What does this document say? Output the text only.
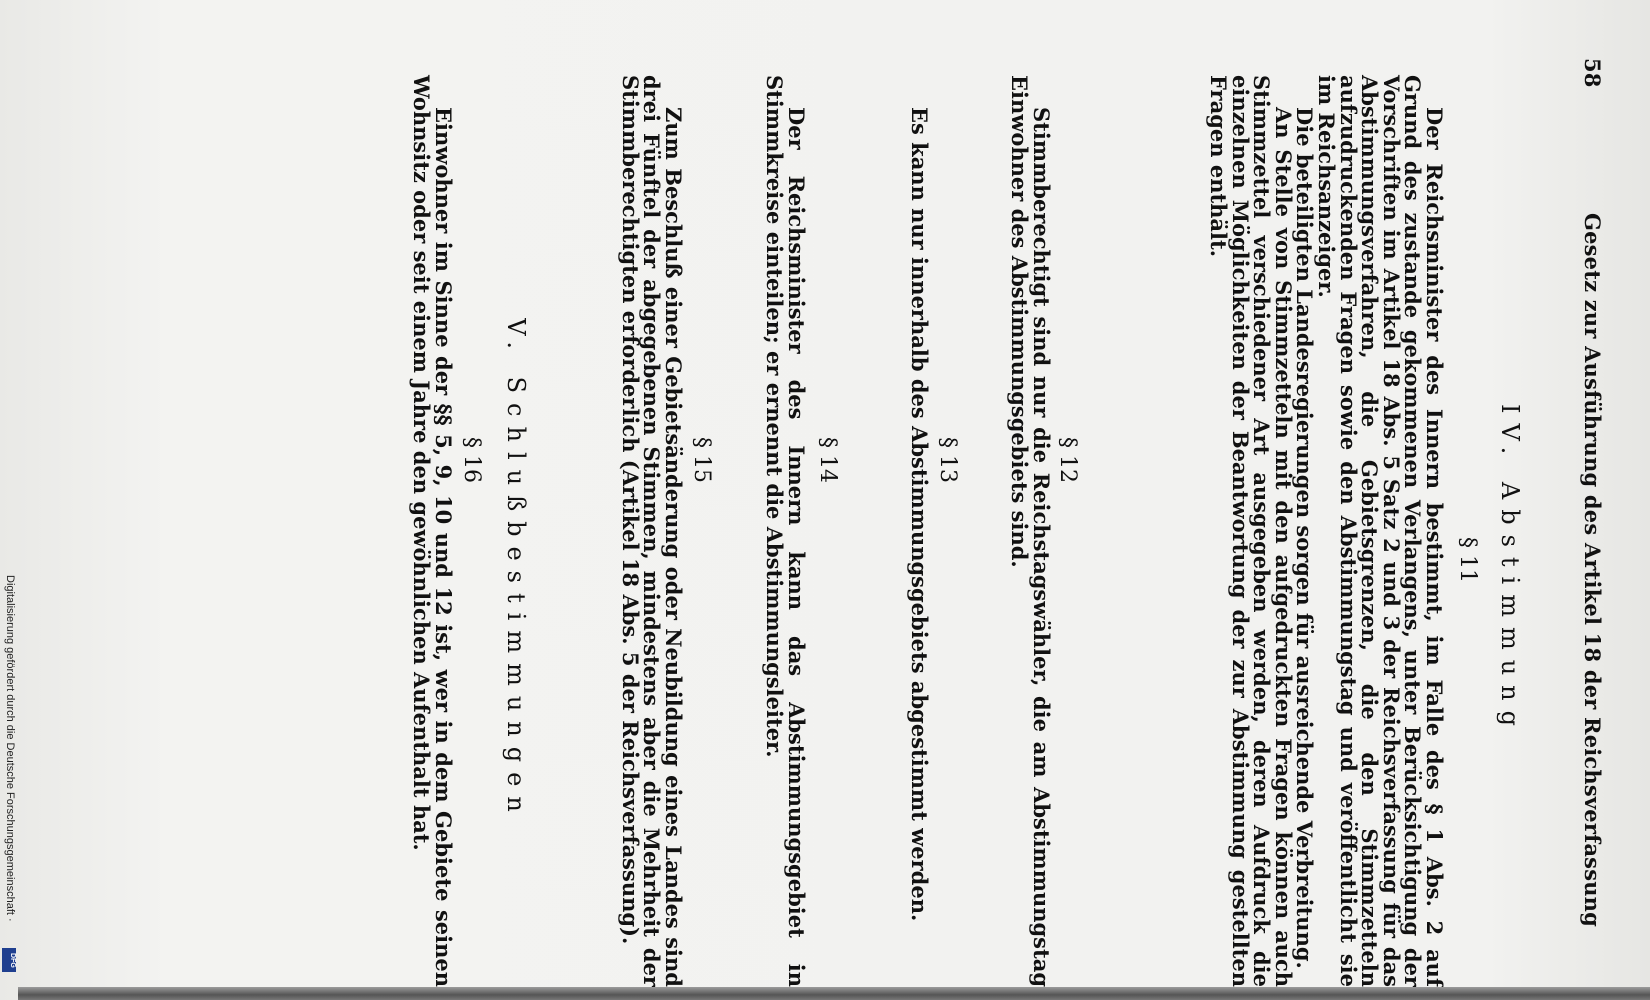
58
Gesetz zur Ausführung des Artikel 18 der Reichsverfassung
IV. Abstimmung
§ 11

Der Reichsminister des Innern bestimmt, im Falle des § 1 Abs. 2 auf Grund des zustande gekommenen Verlangens, unter Berücksichtigung der Vorschriften im Artikel 18 Abs. 5 Satz 2 und 3 der Reichsverfassung für das Abstimmungsverfahren, die Gebietsgrenzen, die den Stimmzetteln aufzudruckenden Fragen sowie den Abstimmungstag und veröffentlicht sie im Reichsanzeiger.

Die beteiligten Landesregierungen sorgen für ausreichende Verbreitung.

An Stelle von Stimmzetteln mit den aufgedruckten Fragen können auch Stimmzettel verschiedener Art ausgegeben werden, deren Aufdruck die einzelnen Möglichkeiten der Beantwortung der zur Abstimmung gestellten Fragen enthält.

§ 12

Stimmberechtigt sind nur die Reichstagswähler, die am Abstimmungstag Einwohner des Abstimmungsgebiets sind.

§ 13

Es kann nur innerhalb des Abstimmungsgebiets abgestimmt werden.

§ 14

Der Reichsminister des Innern kann das Abstimmungsgebiet in Stimmkreise einteilen; er ernennt die Abstimmungsleiter.

§ 15

Zum Beschluß einer Gebietsänderung oder Neubildung eines Landes sind drei Fünftel der abgegebenen Stimmen, mindestens aber die Mehrheit der Stimmberechtigten erforderlich (Artikel 18 Abs. 5 der Reichsverfassung).

V. Schlußbestimmungen
§ 16

Einwohner im Sinne der §§ 5, 9, 10 und 12 ist, wer in dem Gebiete seinen Wohnsitz oder seit einem Jahre den gewöhnlichen Aufenthalt hat.

Digitalisierung gefördert durch die Deutsche Forschungsgemeinschaft ·
DFG
